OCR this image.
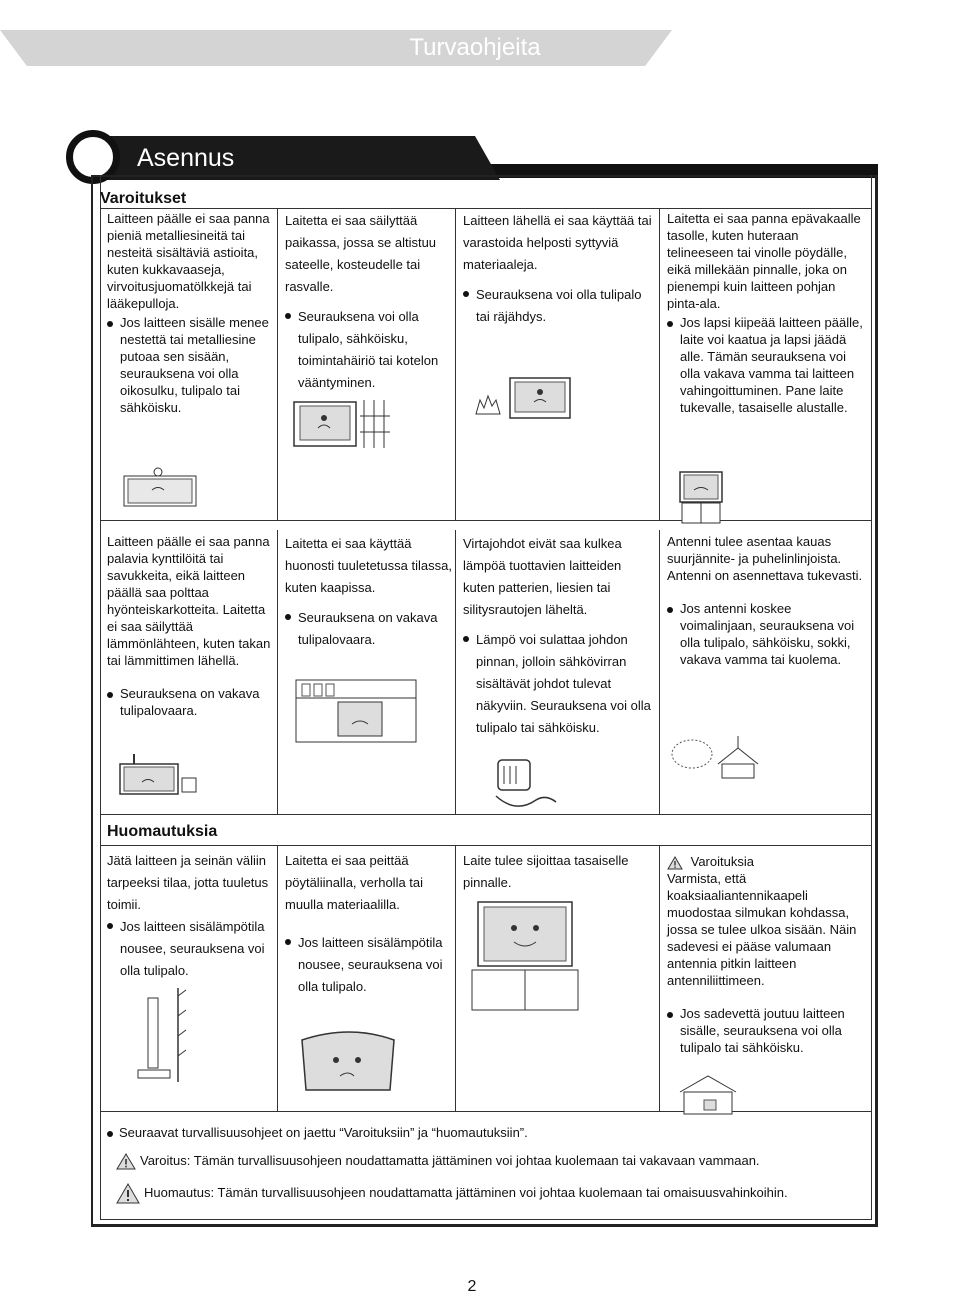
Turvaohjeita
Asennus
Varoitukset

Laitteen päälle ei saa panna pieniä metalliesineitä tai nesteitä sisältäviä astioita, kuten kukkavaaseja, virvoitusjuomatölkkejä tai lääkepulloja.

Jos laitteen sisälle menee nestettä tai metalliesine putoaa sen sisään, seurauksena voi olla oikosulku, tulipalo tai sähköisku.

Laitetta ei saa säilyttää paikassa, jossa se altistuu sateelle, kosteudelle tai rasvalle.

Seurauksena voi olla tulipalo, sähköisku, toimintahäiriö tai kotelon vääntyminen.

Laitteen lähellä ei saa käyttää tai varastoida helposti syttyviä materiaaleja.

Seurauksena voi olla tulipalo tai räjähdys.

Laitetta ei saa panna epävakaalle tasolle, kuten huteraan telineeseen tai vinolle pöydälle, eikä millekään pinnalle, joka on pienempi kuin laitteen pohjan pinta-ala.

Jos lapsi kiipeää laitteen päälle, laite voi kaatua ja lapsi jäädä alle. Tämän seurauksena voi olla vakava vamma tai laitteen vahingoittuminen. Pane laite tukevalle, tasaiselle alustalle.

Laitteen päälle ei saa panna palavia kynttilöitä tai savukkeita, eikä laitteen päällä saa polttaa hyönteiskarkotteita. Laitetta ei saa säilyttää lämmönlähteen, kuten takan tai lämmittimen lähellä.

Seurauksena on vakava tulipalovaara.

Laitetta ei saa käyttää huonosti tuuletetussa tilassa, kuten kaapissa.

Seurauksena on vakava tulipalovaara.

Virtajohdot eivät saa kulkea lämpöä tuottavien laitteiden kuten patterien, liesien tai silitysrautojen läheltä.

Lämpö voi sulattaa johdon pinnan, jolloin sähkövirran sisältävät johdot tulevat näkyviin. Seurauksena voi olla tulipalo tai sähköisku.

Antenni tulee asentaa kauas suurjännite- ja puhelinlinjoista. Antenni on asennettava tukevasti.

Jos antenni koskee voimalinjaan, seurauksena voi olla tulipalo, sähköisku, sokki, vakava vamma tai kuolema.

Huomautuksia

Jätä laitteen ja seinän väliin tarpeeksi tilaa, jotta tuuletus toimii.

Jos laitteen sisälämpötila nousee, seurauksena voi olla tulipalo.

Laitetta ei saa peittää pöytäliinalla, verholla tai muulla materiaalilla.

Jos laitteen sisälämpötila nousee, seurauksena voi olla tulipalo.

Laite tulee sijoittaa tasaiselle pinnalle.

Varoituksia

Varmista, että koaksiaaliantennikaapeli muodostaa silmukan kohdassa, jossa se tulee ulkoa sisään. Näin sadevesi ei pääse valumaan antennia pitkin laitteen antenniliittimeen.

Jos sadevettä joutuu laitteen sisälle, seurauksena voi olla tulipalo tai sähköisku.

Seuraavat turvallisuusohjeet on jaettu “Varoituksiin” ja “huomautuksiin”.
Varoitus: Tämän turvallisuusohjeen noudattamatta jättäminen voi johtaa kuolemaan tai vakavaan vammaan.
Huomautus: Tämän turvallisuusohjeen noudattamatta jättäminen voi johtaa kuolemaan tai omaisuusvahinkoihin.
2
